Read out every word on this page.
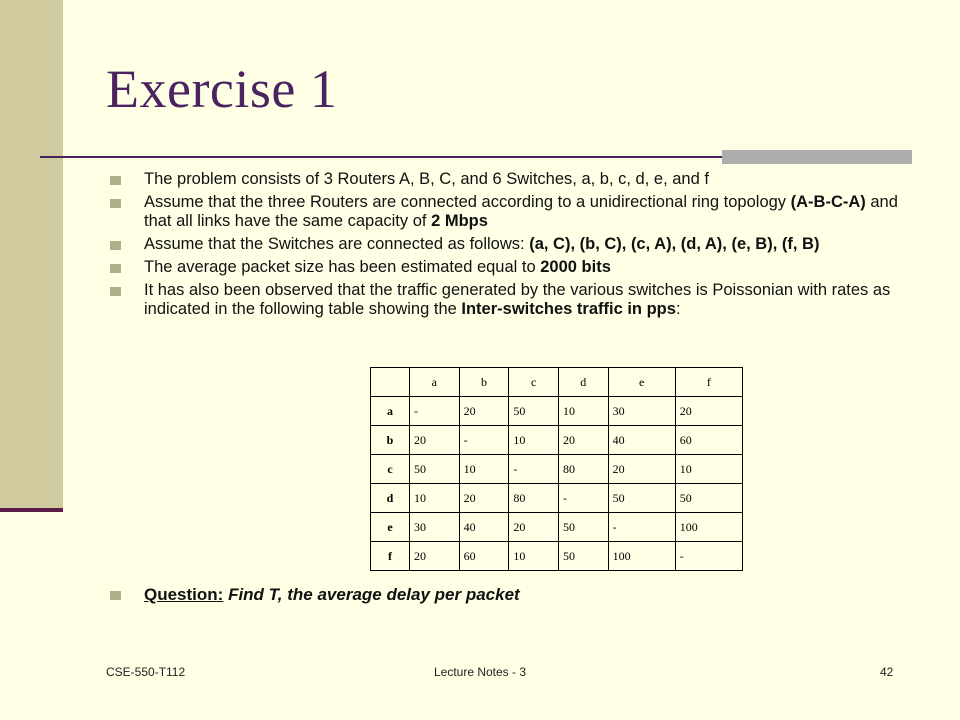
Exercise 1
The problem consists of 3 Routers A, B, C, and 6 Switches, a, b, c, d, e, and f
Assume that the three Routers are connected according to a unidirectional ring topology (A-B-C-A) and that all links have the same capacity of 2 Mbps
Assume that the Switches are connected as follows: (a, C), (b, C), (c, A), (d, A), (e, B), (f, B)
The average packet size has been estimated equal to 2000 bits
It has also been observed that the traffic generated by the various switches is Poissonian with rates as indicated in the following table showing the Inter-switches traffic in pps:
	a	b	c	d	e	f
a	-	20	50	10	30	20
b	20	-	10	20	40	60
c	50	10	-	80	20	10
d	10	20	80	-	50	50
e	30	40	20	50	-	100
f	20	60	10	50	100	-
Question: Find T, the average delay per packet
CSE-550-T112	Lecture Notes - 3	42
